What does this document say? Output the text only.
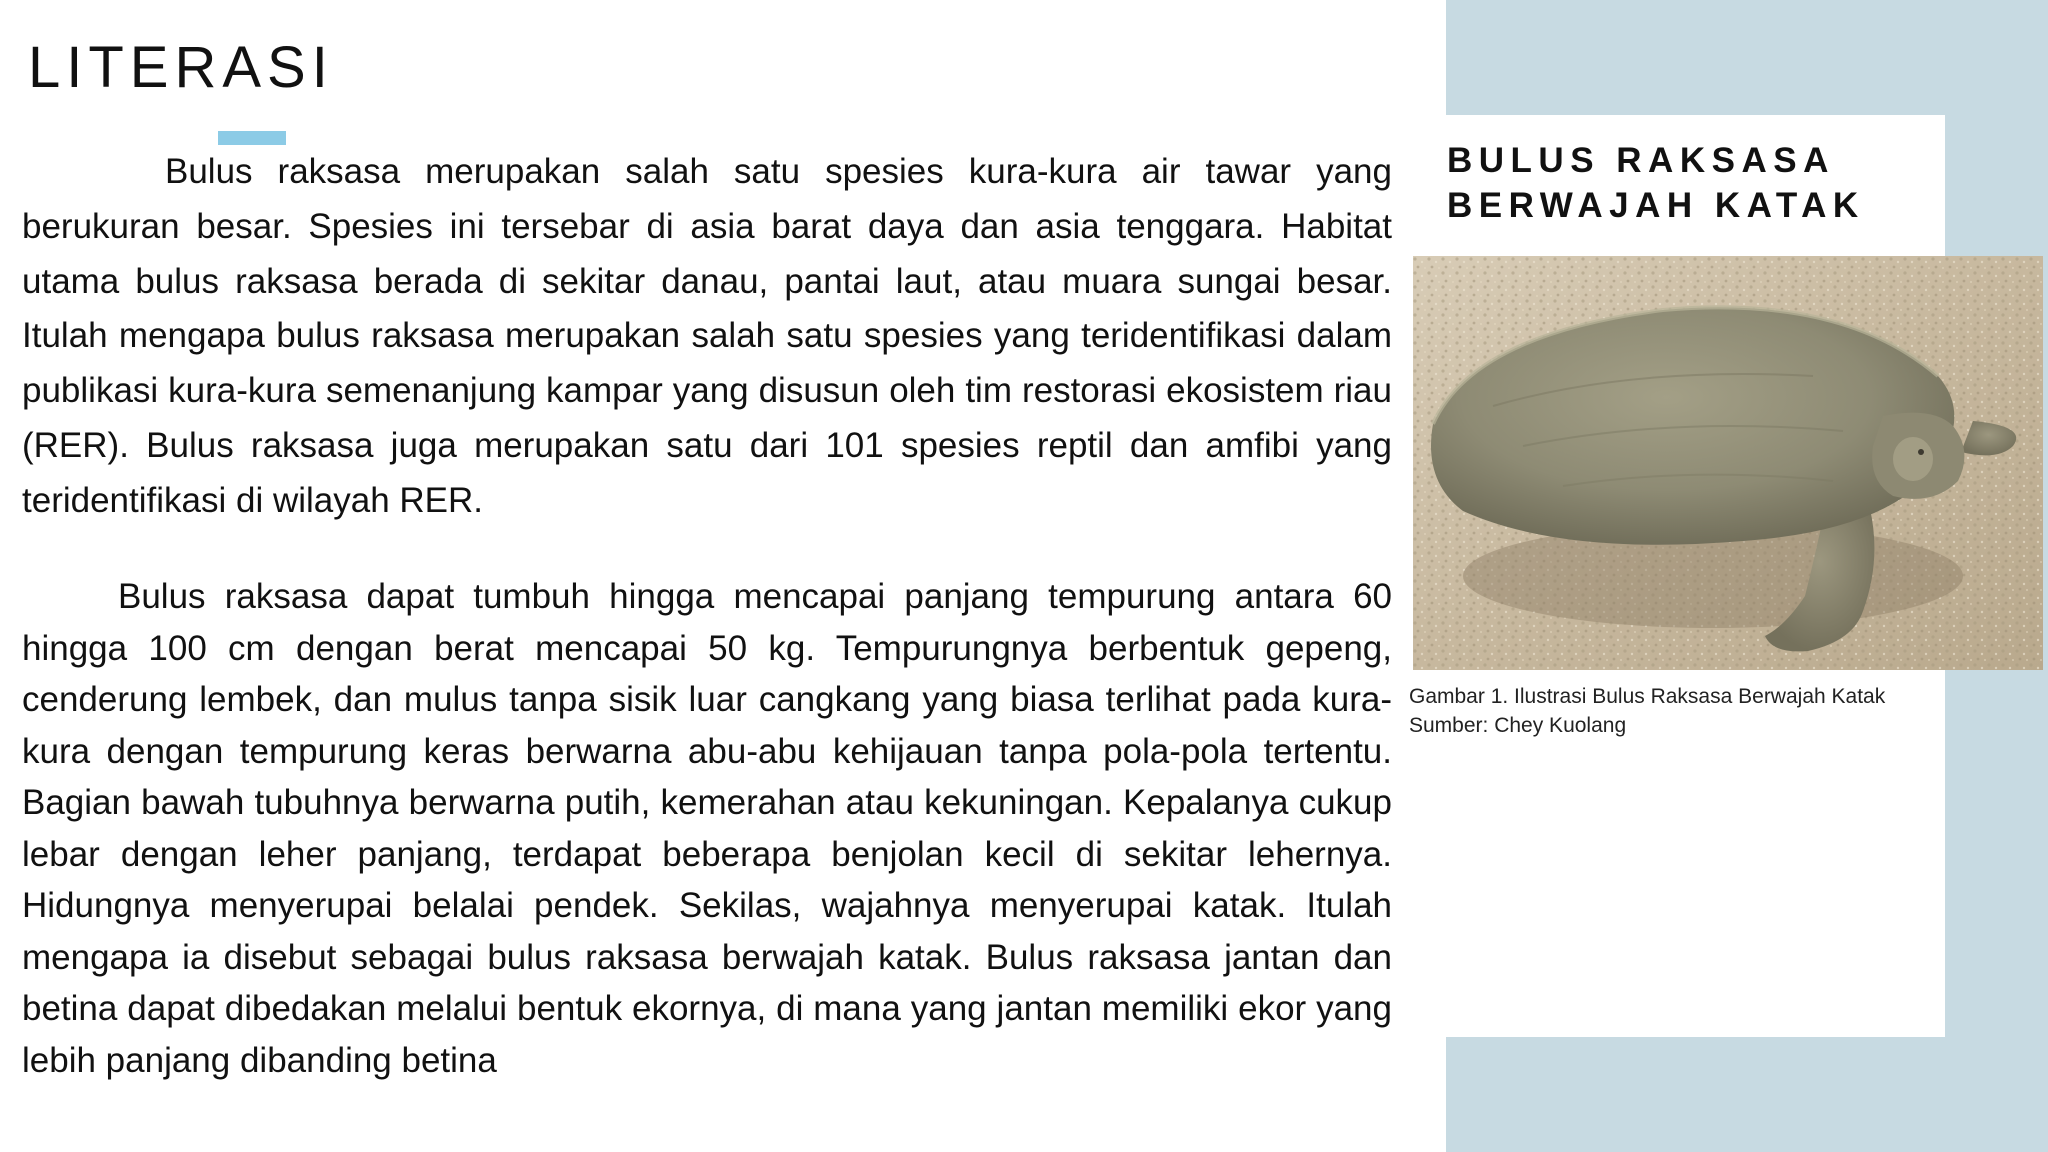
LITERASI

Bulus raksasa merupakan salah satu spesies kura-kura air tawar yang berukuran besar. Spesies ini tersebar di asia barat daya dan asia tenggara. Habitat utama bulus raksasa berada di sekitar danau, pantai laut, atau muara sungai besar. Itulah mengapa bulus raksasa merupakan salah satu spesies yang teridentifikasi dalam publikasi kura-kura semenanjung kampar yang disusun oleh tim restorasi ekosistem riau (RER). Bulus raksasa juga merupakan satu dari 101 spesies reptil dan amfibi yang teridentifikasi di wilayah RER.

Bulus raksasa dapat tumbuh hingga mencapai panjang tempurung antara 60 hingga 100 cm dengan berat mencapai 50 kg. Tempurungnya berbentuk gepeng, cenderung lembek, dan mulus tanpa sisik luar cangkang yang biasa terlihat pada kura-kura dengan tempurung keras berwarna abu-abu kehijauan tanpa pola-pola tertentu. Bagian bawah tubuhnya berwarna putih, kemerahan atau kekuningan. Kepalanya cukup lebar dengan leher panjang, terdapat beberapa benjolan kecil di sekitar lehernya. Hidungnya menyerupai belalai pendek. Sekilas, wajahnya menyerupai katak. Itulah mengapa ia disebut sebagai bulus raksasa berwajah katak. Bulus raksasa jantan dan betina dapat dibedakan melalui bentuk ekornya, di mana yang jantan memiliki ekor yang lebih panjang dibanding betina

BULUS RAKSASA BERWAJAH KATAK

Gambar 1. Ilustrasi Bulus Raksasa Berwajah Katak
Sumber: Chey Kuolang
